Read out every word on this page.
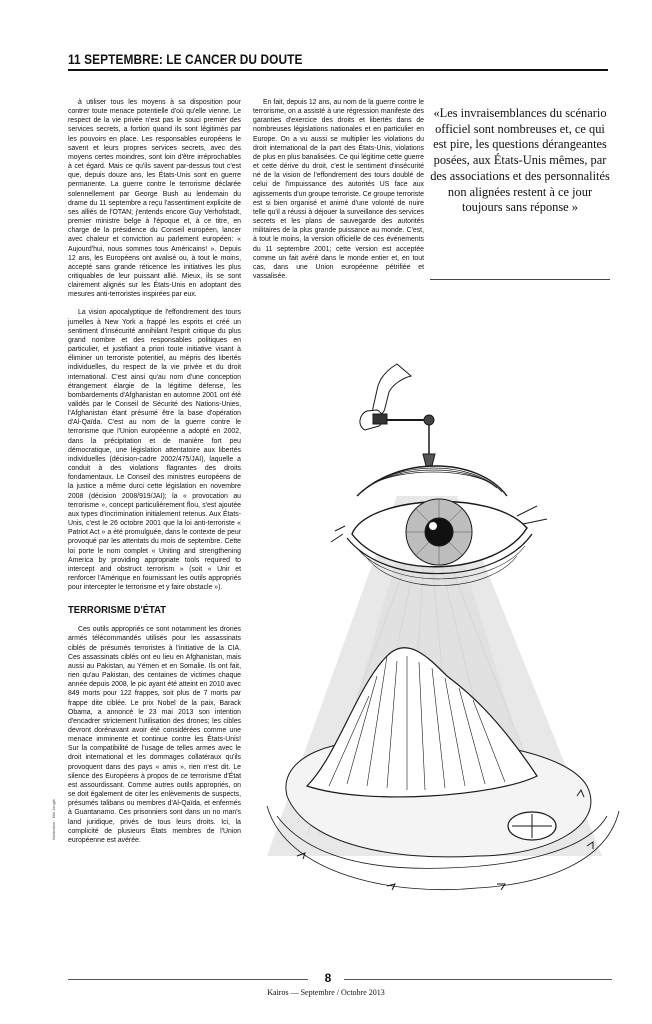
11 SEPTEMBRE: LE CANCER DU DOUTE

à utiliser tous les moyens à sa disposition pour contrer toute menace potentielle d'où qu'elle vienne. Le respect de la vie privée n'est pas le souci premier des services secrets, a fortiori quand ils sont légitimés par les pouvoirs en place. Les responsables européens le savent et leurs propres services secrets, avec des moyens certes moindres, sont loin d'être irréprochables à cet égard. Mais ce qu'ils savent par-dessus tout c'est que, depuis douze ans, les États-Unis sont en guerre permanente. La guerre contre le terrorisme déclarée solennellement par George Bush au lendemain du drame du 11 septembre a reçu l'assentiment explicite de ses alliés de l'OTAN; j'entends encore Guy Verhofstadt, premier ministre belge à l'époque et, à ce titre, en charge de la présidence du Conseil européen, lancer avec chaleur et conviction au parlement européen: « Aujourd'hui, nous sommes tous Américains! ». Depuis 12 ans, les Européens ont avalisé ou, à tout le moins, accepté sans grande réticence les initiatives les plus critiquables de leur puissant allié. Mieux, ils se sont clairement alignés sur les États-Unis en adoptant des mesures anti-terroristes inspirées par eux.

La vision apocalyptique de l'effondrement des tours jumelles à New York a frappé les esprits et créé un sentiment d'insécurité annihilant l'esprit critique du plus grand nombre et des responsables politiques en particulier, et justifiant a priori toute initiative visant à éliminer un terroriste potentiel, au mépris des libertés individuelles, du respect de la vie privée et du droit international. C'est ainsi qu'au nom d'une conception étrangement élargie de la légitime défense, les bombardements d'Afghanistan en automne 2001 ont été validés par le Conseil de Sécurité des Nations-Unies, l'Afghanistan étant présumé être la base d'opération d'Al-Qaïda. C'est au nom de la guerre contre le terrorisme que l'Union européenne a adopté en 2002, dans la précipitation et de manière fort peu démocratique, une législation attentatoire aux libertés individuelles (décision-cadre 2002/475/JAI), laquelle a conduit à des violations flagrantes des droits fondamentaux. Le Conseil des ministres européens de la justice a même durci cette législation en novembre 2008 (décision 2008/919/JAI); la « provocation au terrorisme », concept particulièrement flou, s'est ajoutée aux types d'incrimination initialement retenus. Aux États-Unis, c'est le 26 octobre 2001 que la loi anti-terroriste « Patriot Act » a été promulguée, dans le contexte de peur provoqué par les attentats du mois de septembre. Cette loi porte le nom complet « Uniting and strengthening America by providing appropriate tools required to intercept and obstruct terrorism » (soit « Unir et renforcer l'Amérique en fournissant les outils appropriés pour intercepter le terrorisme et y faire obstacle »).

TERRORISME D'ÉTAT

Ces outils appropriés ce sont notamment les drones armés télécommandés utilisés pour les assassinats ciblés de présumés terroristes à l'initiative de la CIA. Ces assassinats ciblés ont eu lieu en Afghanistan, mais aussi au Pakistan, au Yémen et en Somalie. Ils ont fait, rien qu'au Pakistan, des centaines de victimes chaque année depuis 2008, le pic ayant été atteint en 2010 avec 849 morts pour 122 frappes, soit plus de 7 morts par frappe dite ciblée. Le prix Nobel de la paix, Barack Obama, a annoncé le 23 mai 2013 son intention d'encadrer strictement l'utilisation des drones; les cibles devront dorénavant avoir été considérées comme une menace imminente et continue contre les États-Unis! Sur la compatibilité de l'usage de telles armes avec le droit international et les dommages collatéraux qu'ils provoquent dans des pays « amis », rien n'est dit. Le silence des Européens à propos de ce terrorisme d'État est assourdissant. Comme autres outils appropriés, on se doit également de citer les enlèvements de suspects, présumés talibans ou membres d'Al-Qaïda, et enfermés à Guantanamo. Ces prisonniers sont dans un no man's land juridique, privés de tous leurs droits. Ici, la complicité de plusieurs États membres de l'Union européenne est avérée.

En fait, depuis 12 ans, au nom de la guerre contre le terrorisme, on a assisté à une régression manifeste des garanties d'exercice des droits et libertés dans de nombreuses législations nationales et en particulier en Europe. On a vu aussi se multiplier les violations du droit international de la part des États-Unis, violations de plus en plus banalisées. Ce qui légitime cette guerre et cette dérive du droit, c'est le sentiment d'insécurité né de la vision de l'effondrement des tours doublé de celui de l'impuissance des autorités US face aux agissements d'un groupe terroriste. Ce groupe terroriste est si bien organisé et animé d'une volonté de nuire telle qu'il a réussi à déjouer la surveillance des services secrets et les plans de sauvegarde des autorités militaires de la plus grande puissance au monde. C'est, à tout le moins, la version officielle de ces événements du 11 septembre 2001; cette version est acceptée comme un fait avéré dans le monde entier et, en tout cas, dans une Union européenne pétrifiée et vassalisée.

«Les invraisemblances du scénario officiel sont nombreuses et, ce qui est pire, les questions dérangeantes posées, aux États-Unis mêmes, par des associations et des personnalités non alignées restent à ce jour toujours sans réponse »
Illustration : Kiki Jonglé
8
Kairos — Septembre / Octobre 2013
